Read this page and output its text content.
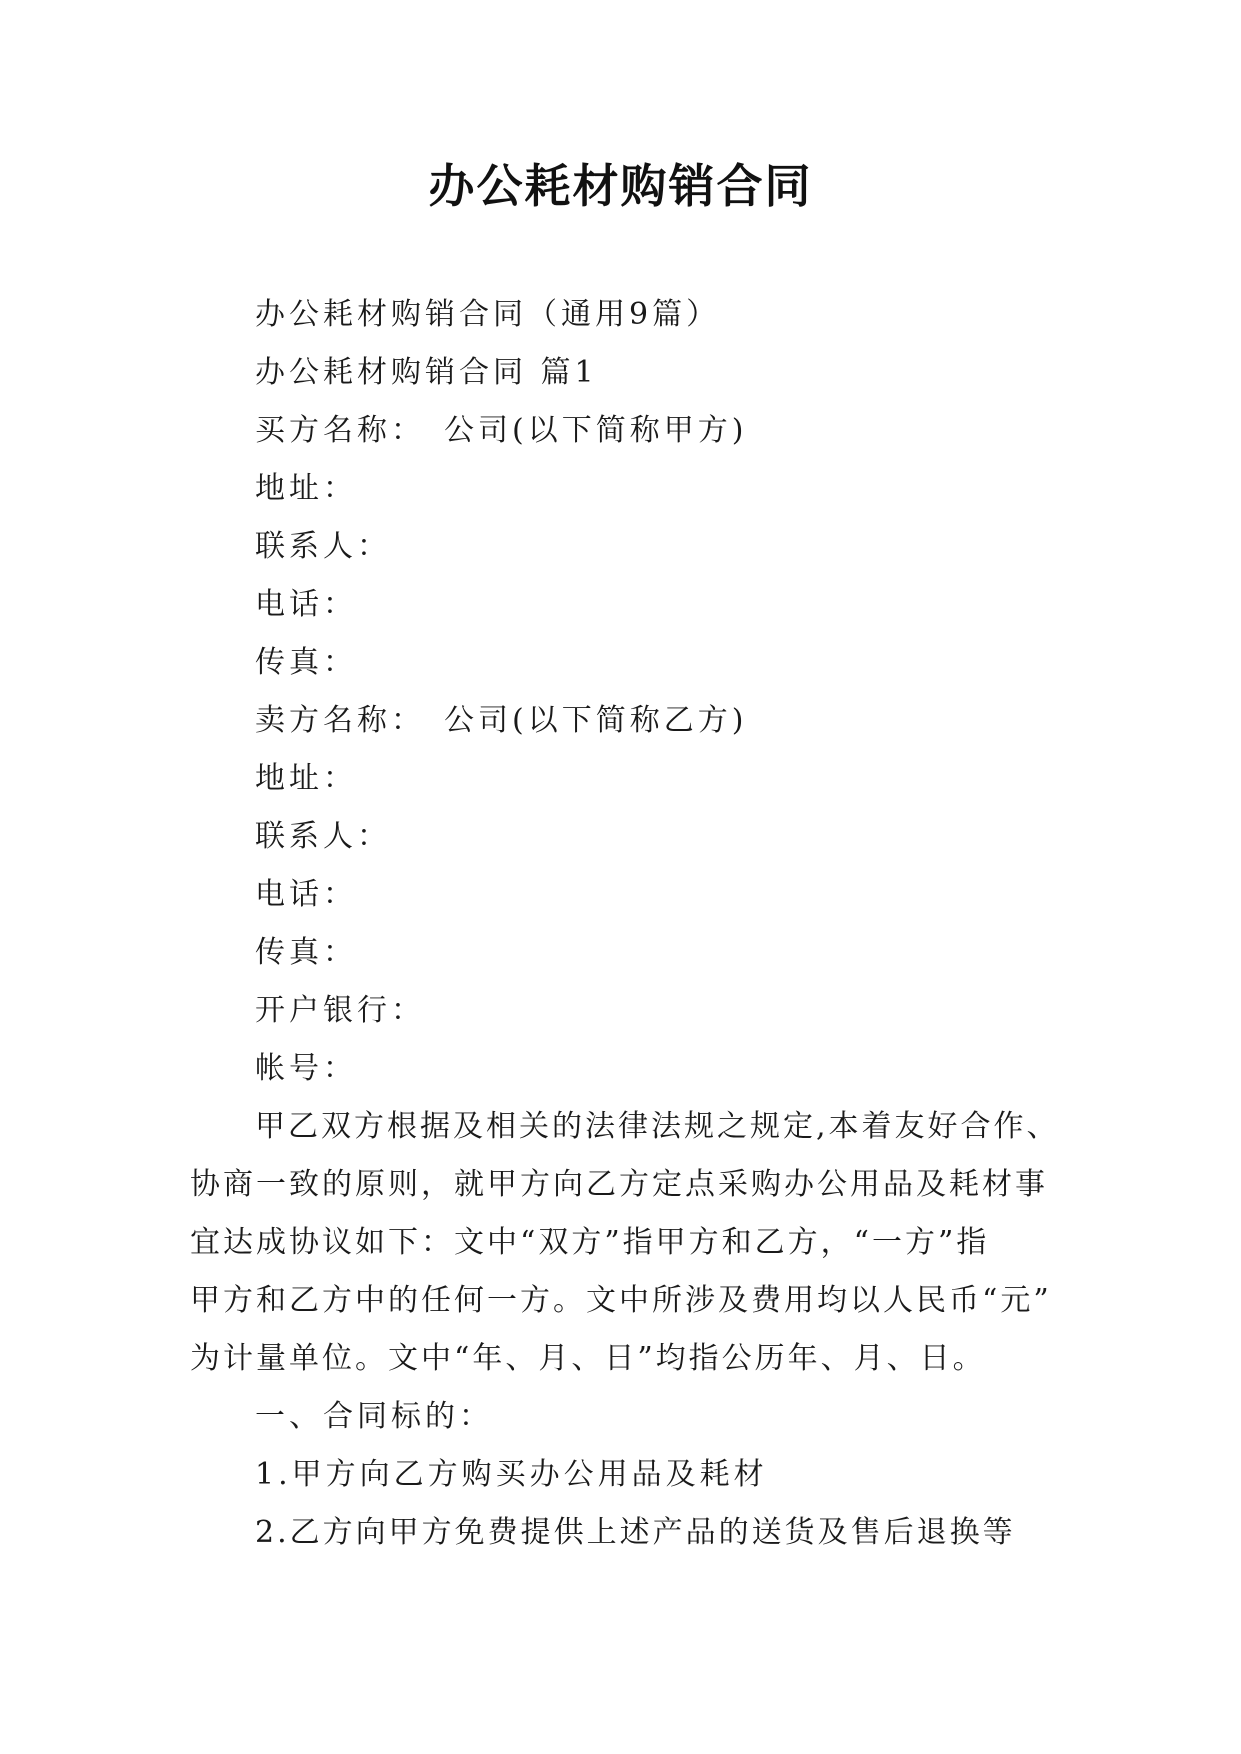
办公耗材购销合同
办公耗材购销合同（通用9篇）
办公耗材购销合同 篇1
买方名称：　公司(以下简称甲方)
地址：
联系人：
电话：
传真：
卖方名称：　公司(以下简称乙方)
地址：
联系人：
电话：
传真：
开户银行：
帐号：
甲乙双方根据及相关的法律法规之规定,本着友好合作、
协商一致的原则，就甲方向乙方定点采购办公用品及耗材事
宜达成协议如下：文中“双方”指甲方和乙方，“一方”指
甲方和乙方中的任何一方。文中所涉及费用均以人民币“元”
为计量单位。文中“年、月、日”均指公历年、月、日。
一、合同标的：
1.甲方向乙方购买办公用品及耗材
2.乙方向甲方免费提供上述产品的送货及售后退换等
